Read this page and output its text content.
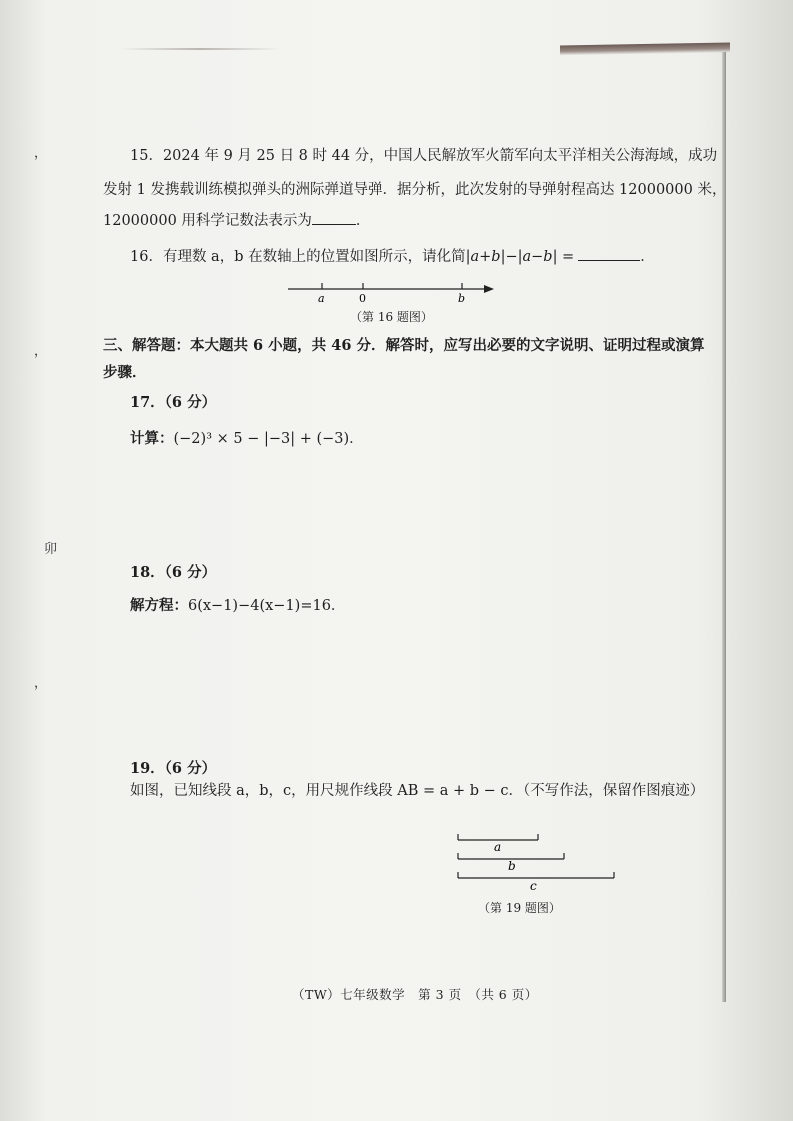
，
，
卯
，
15．2024 年 9 月 25 日 8 时 44 分，中国人民解放军火箭军向太平洋相关公海海域，成功
发射 1 发携载训练模拟弹头的洲际弹道导弹．据分析，此次发射的导弹射程高达 12000000 米，
12000000 用科学记数法表示为	．
16．有理数 a，b 在数轴上的位置如图所示，请化简|a+b|−|a−b| =	．
a	0	b
（第 16 题图）
三、解答题：本大题共 6 小题，共 46 分．解答时，应写出必要的文字说明、证明过程或演算
步骤．
17．（6 分）
计算：(−2)³ × 5 − |−3| + (−3)．
18．（6 分）
解方程：6(x−1)−4(x−1)=16．
19．（6 分）
如图，已知线段 a，b，c，用尺规作线段 AB = a + b − c．（不写作法，保留作图痕迹）
a
b
c
（第 19 题图）
（TW）七年级数学　第 3 页　（共 6 页）
